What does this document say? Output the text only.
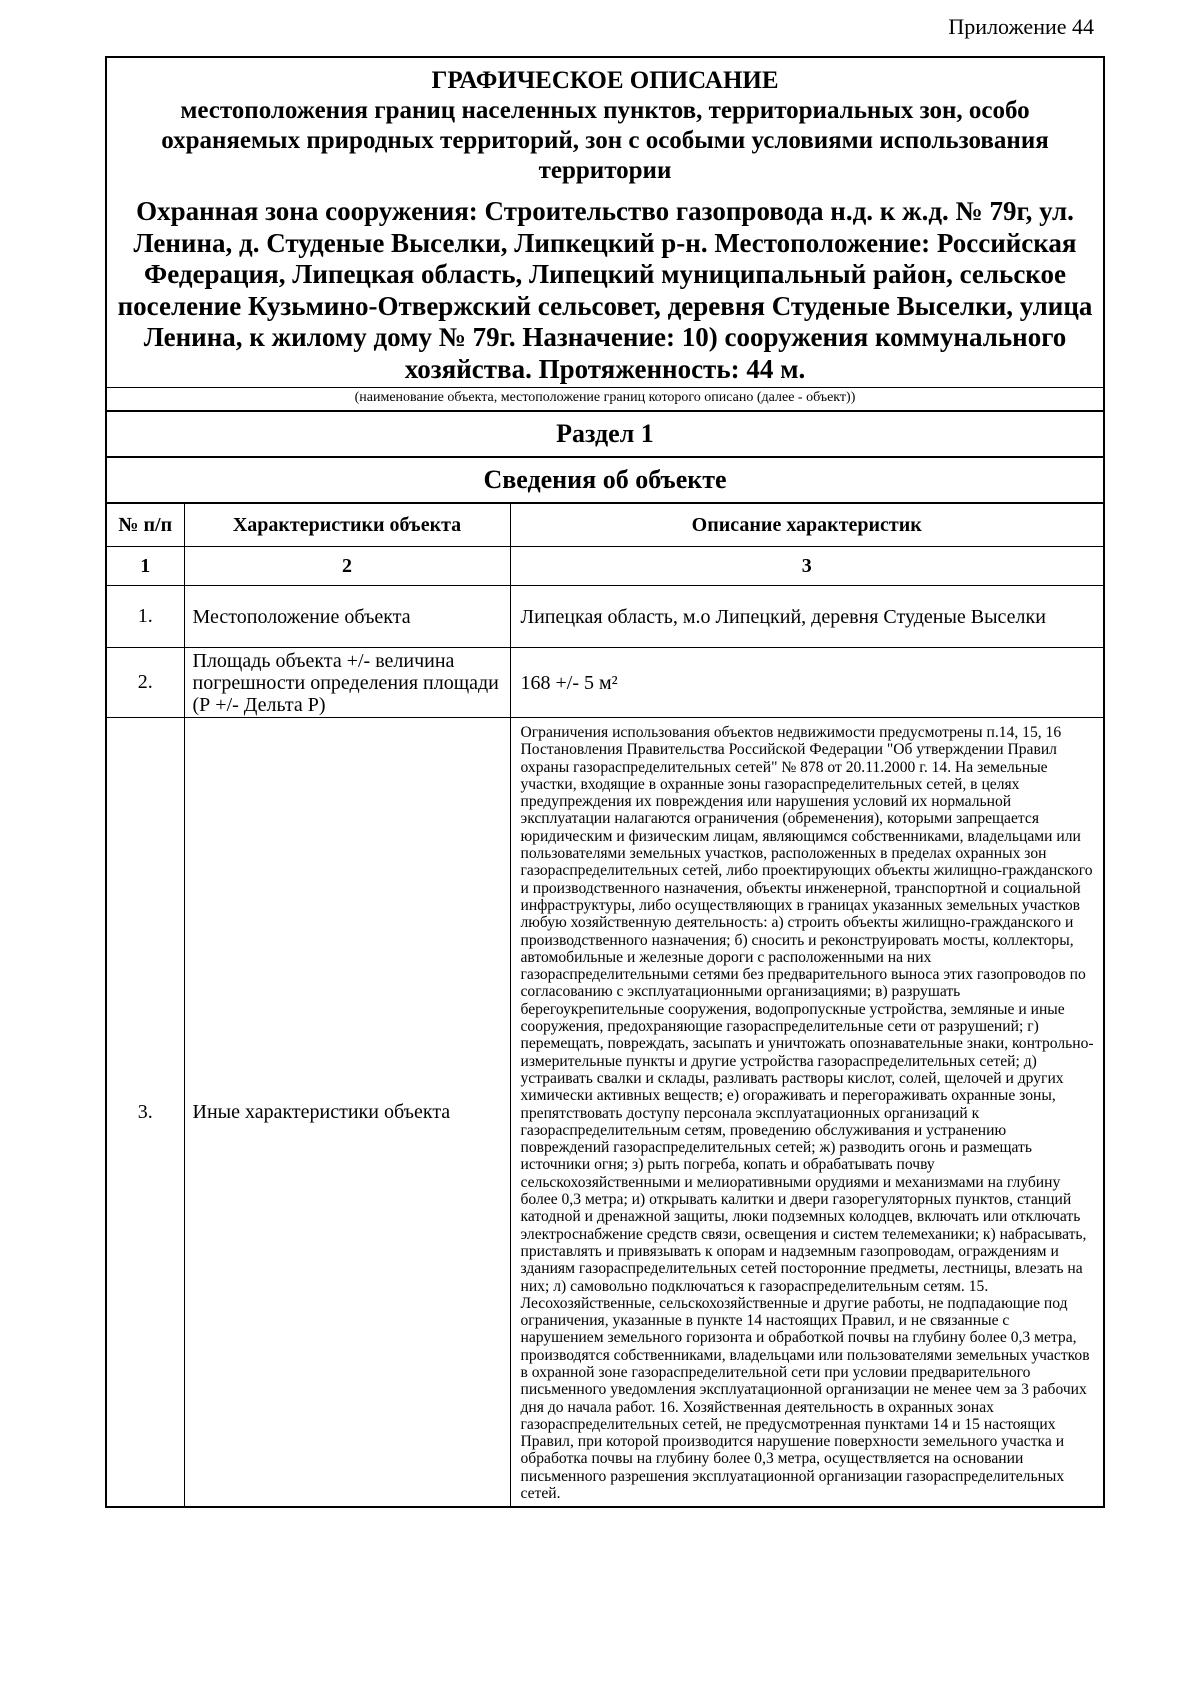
Приложение 44
ГРАФИЧЕСКОЕ ОПИСАНИЕ
местоположения границ населенных пунктов, территориальных зон, особо охраняемых природных территорий, зон с особыми условиями использования территории
Охранная зона сооружения: Строительство газопровода н.д. к ж.д. № 79г, ул. Ленина, д. Студеные Выселки, Липкецкий р-н. Местоположение: Российская Федерация, Липецкая область, Липецкий муниципальный район, сельское поселение Кузьмино-Отвержский сельсовет, деревня Студеные Выселки, улица Ленина, к жилому дому № 79г. Назначение: 10) сооружения коммунального хозяйства. Протяженность: 44 м.
(наименование объекта, местоположение границ которого описано (далее - объект))
Раздел 1
Сведения об объекте
№ п/п	Характеристики объекта	Описание характеристик
1	2	3
1.	Местоположение объекта	Липецкая область, м.о Липецкий, деревня Студеные Выселки
2.	Площадь объекта +/- величина погрешности определения площади (Р +/- Дельта Р)	168 +/- 5 м²
3.	Иные характеристики объекта	Ограничения использования объектов недвижимости предусмотрены п.14, 15, 16 Постановления Правительства Российской Федерации "Об утверждении Правил охраны газораспределительных сетей" № 878 от 20.11.2000 г. 14. На земельные участки, входящие в охранные зоны газораспределительных сетей, в целях предупреждения их повреждения или нарушения условий их нормальной эксплуатации налагаются ограничения (обременения), которыми запрещается юридическим и физическим лицам, являющимся собственниками, владельцами или пользователями земельных участков, расположенных в пределах охранных зон газораспределительных сетей, либо проектирующих объекты жилищно-гражданского и производственного назначения, объекты инженерной, транспортной и социальной инфраструктуры, либо осуществляющих в границах указанных земельных участков любую хозяйственную деятельность: а) строить объекты жилищно-гражданского и производственного назначения; б) сносить и реконструировать мосты, коллекторы, автомобильные и железные дороги с расположенными на них газораспределительными сетями без предварительного выноса этих газопроводов по согласованию с эксплуатационными организациями; в) разрушать берегоукрепительные сооружения, водопропускные устройства, земляные и иные сооружения, предохраняющие газораспределительные сети от разрушений; г) перемещать, повреждать, засыпать и уничтожать опознавательные знаки, контрольно-измерительные пункты и другие устройства газораспределительных сетей; д) устраивать свалки и склады, разливать растворы кислот, солей, щелочей и других химически активных веществ; е) огораживать и перегораживать охранные зоны, препятствовать доступу персонала эксплуатационных организаций к газораспределительным сетям, проведению обслуживания и устранению повреждений газораспределительных сетей; ж) разводить огонь и размещать источники огня; з) рыть погреба, копать и обрабатывать почву сельскохозяйственными и мелиоративными орудиями и механизмами на глубину более 0,3 метра; и) открывать калитки и двери газорегуляторных пунктов, станций катодной и дренажной защиты, люки подземных колодцев, включать или отключать электроснабжение средств связи, освещения и систем телемеханики; к) набрасывать, приставлять и привязывать к опорам и надземным газопроводам, ограждениям и зданиям газораспределительных сетей посторонние предметы, лестницы, влезать на них; л) самовольно подключаться к газораспределительным сетям. 15. Лесохозяйственные, сельскохозяйственные и другие работы, не подпадающие под ограничения, указанные в пункте 14 настоящих Правил, и не связанные с нарушением земельного горизонта и обработкой почвы на глубину более 0,3 метра, производятся собственниками, владельцами или пользователями земельных участков в охранной зоне газораспределительной сети при условии предварительного письменного уведомления эксплуатационной организации не менее чем за 3 рабочих дня до начала работ. 16. Хозяйственная деятельность в охранных зонах газораспределительных сетей, не предусмотренная пунктами 14 и 15 настоящих Правил, при которой производится нарушение поверхности земельного участка и обработка почвы на глубину более 0,3 метра, осуществляется на основании письменного разрешения эксплуатационной организации газораспределительных сетей.
